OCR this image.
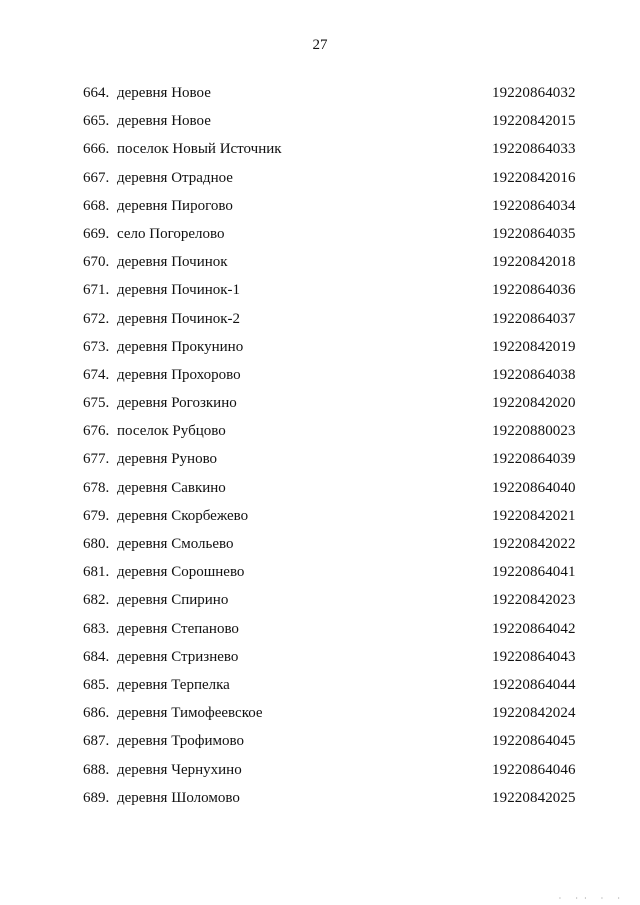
27
664. деревня Новое	19220864032
665. деревня Новое	19220842015
666. поселок Новый Источник	19220864033
667. деревня Отрадное	19220842016
668. деревня Пирогово	19220864034
669. село Погорелово	19220864035
670. деревня Починок	19220842018
671. деревня Починок-1	19220864036
672. деревня Починок-2	19220864037
673. деревня Прокунино	19220842019
674. деревня Прохорово	19220864038
675. деревня Рогозкино	19220842020
676. поселок Рубцово	19220880023
677. деревня Руново	19220864039
678. деревня Савкино	19220864040
679. деревня Скорбежево	19220842021
680. деревня Смольево	19220842022
681. деревня Сорошнево	19220864041
682. деревня Спирино	19220842023
683. деревня Степаново	19220864042
684. деревня Стризнево	19220864043
685. деревня Терпелка	19220864044
686. деревня Тимофеевское	19220842024
687. деревня Трофимово	19220864045
688. деревня Чернухино	19220864046
689. деревня Шоломово	19220842025
· ·· · ·
